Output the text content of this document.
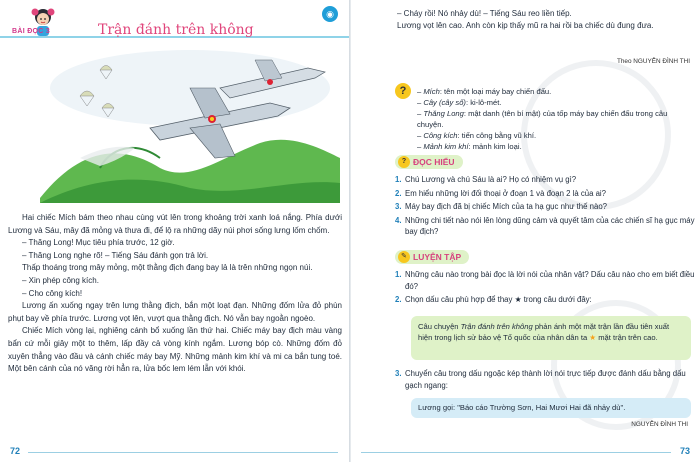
BÀI ĐỌC 3	Trận đánh trên không
◉

Hai chiếc Mích bám theo nhau cùng vút lên trong khoảng trời xanh loá nắng. Phía dưới Lương và Sáu, mây đã mỏng và thưa đi, để lộ ra những dãy núi phơi sống lưng lốm chốm.

– Thăng Long! Mục tiêu phía trước, 12 giờ.

– Thăng Long nghe rõ! – Tiếng Sáu đánh gọn trả lời.

Thấp thoáng trong mây mỏng, một thằng địch đang bay lả là trên những ngọn núi.

– Xin phép công kích.

– Cho công kích!

Lương ấn xuống ngay trên lưng thằng địch, bắn một loạt đạn. Những đốm lửa đỏ phùn phụt bay về phía trước. Lương vọt lên, vượt qua thằng địch. Nó vẫn bay ngoằn ngoèo.

Chiếc Mích vòng lại, nghiêng cánh bổ xuống lần thứ hai. Chiếc máy bay địch màu vàng bẩn cứ mỗi giây một to thêm, lấp đầy cả vòng kính ngắm. Lương bóp cò. Những đốm đỏ xuyên thẳng vào đầu và cánh chiếc máy bay Mỹ. Những mảnh kim khí và mi ca bắn tung toé. Một bên cánh của nó văng rời hẳn ra, lửa bốc lem lém lẫn với khói.

72
– Cháy rồi! Nó nhảy dù! – Tiếng Sáu reo liền tiếp.
Lương vọt lên cao. Anh còn kịp thấy mũ ra hai rồi ba chiếc dù đung đưa.
Theo NGUYỄN ĐÌNH THI
?	– Mích: tên một loại máy bay chiến đấu.
– Cây (cây số): ki-lô-mét.
– Thăng Long: mật danh (tên bí mật) của tốp máy bay chiến đấu trong câu chuyện.
– Công kích: tiến công bằng vũ khí.
– Mảnh kim khí: mảnh kim loại.
? ĐỌC HIỂU
1. Chú Lương và chú Sáu là ai? Họ có nhiệm vụ gì?
2. Em hiểu những lời đối thoại ở đoạn 1 và đoạn 2 là của ai?
3. Máy bay địch đã bị chiếc Mích của ta hạ gục như thế nào?
4. Những chi tiết nào nói lên lòng dũng cảm và quyết tâm của các chiến sĩ hạ gục máy bay địch?
✎ LUYỆN TẬP
1. Những câu nào trong bài đọc là lời nói của nhân vật? Dấu câu nào cho em biết điều đó?
2. Chọn dấu câu phù hợp để thay ★ trong câu dưới đây:
Câu chuyện Trận đánh trên không phản ánh một mặt trận lần đầu tiên xuất hiện trong lịch sử bảo vệ Tổ quốc của nhân dân ta ★ mặt trận trên cao.
3. Chuyển câu trong dấu ngoặc kép thành lời nói trực tiếp được đánh dấu bằng dấu gạch ngang:
Lương gọi: "Báo cáo Trường Sơn, Hai Mươi Hai đã nhảy dù".
NGUYỄN ĐÌNH THI
73
